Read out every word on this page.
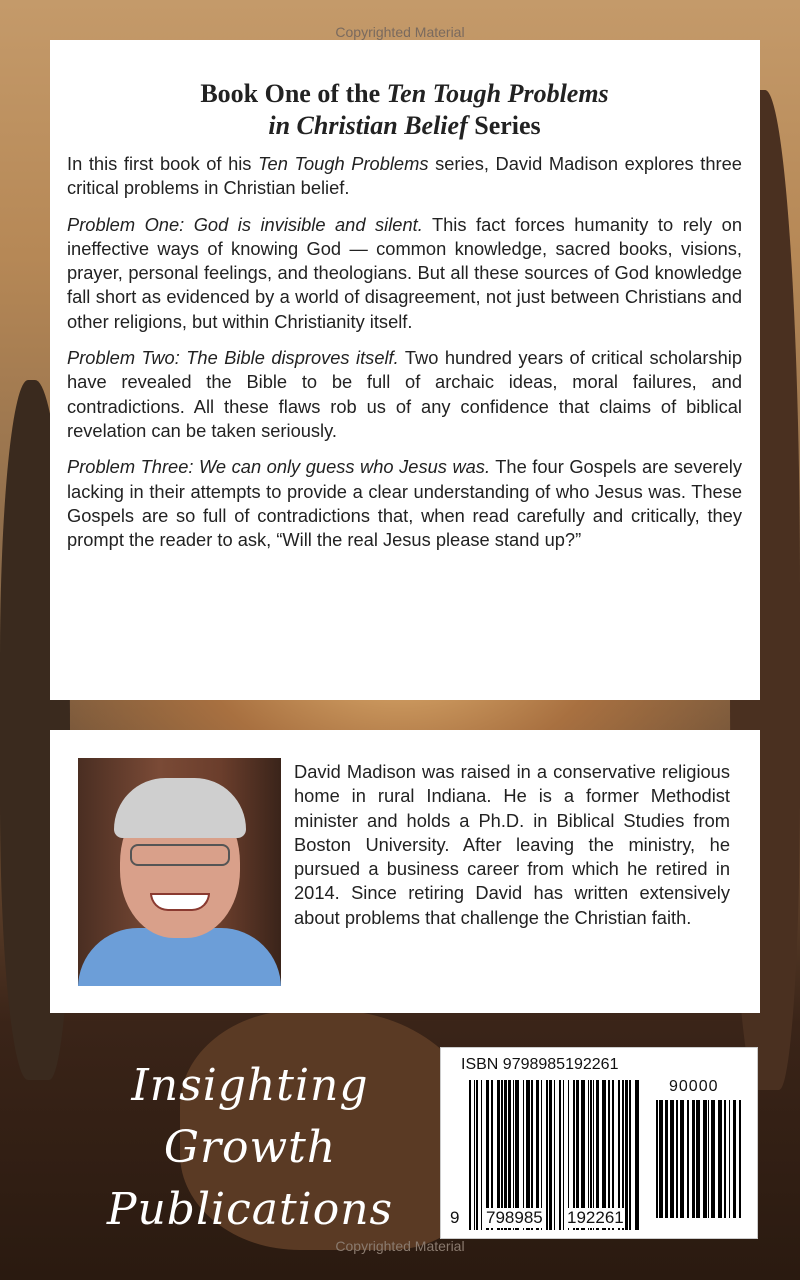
Copyrighted Material
Book One of the Ten Tough Problems
in Christian Belief Series

In this first book of his Ten Tough Problems series, David Madison explores three critical problems in Christian belief.

Problem One: God is invisible and silent. This fact forces humanity to rely on ineffective ways of knowing God — common knowledge, sacred books, visions, prayer, personal feelings, and theologians. But all these sources of God knowledge fall short as evidenced by a world of disagreement, not just between Christians and other religions, but within Christianity itself.

Problem Two: The Bible disproves itself. Two hundred years of critical scholarship have revealed the Bible to be full of archaic ideas, moral failures, and contradictions. All these flaws rob us of any confidence that claims of biblical revelation can be taken seriously.

Problem Three: We can only guess who Jesus was. The four Gospels are severely lacking in their attempts to provide a clear understanding of who Jesus was. These Gospels are so full of contradictions that, when read carefully and critically, they prompt the reader to ask, “Will the real Jesus please stand up?”

David Madison was raised in a conservative religious home in rural Indiana. He is a former Methodist minister and holds a Ph.D. in Biblical Studies from Boston University. After leaving the ministry, he pursued a business career from which he retired in 2014. Since retiring David has written extensively about problems that challenge the Christian faith.

Insighting Growth
Publications
ISBN 9798985192261
90000
9 798985 192261
Copyrighted Material
